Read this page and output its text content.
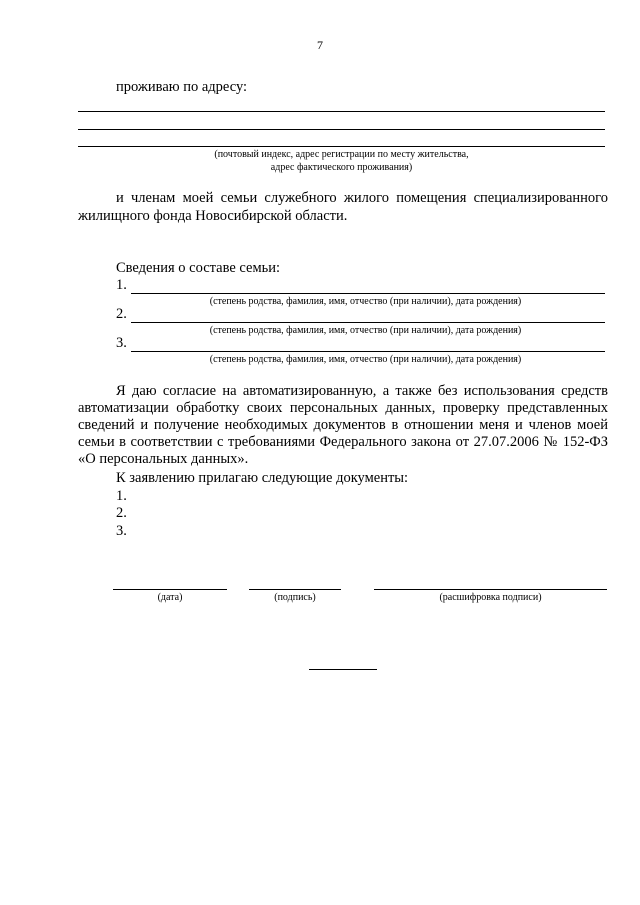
7
проживаю по адресу:
(почтовый индекс, адрес регистрации по месту жительства,
адрес фактического проживания)
и членам моей семьи служебного жилого помещения специализированного
жилищного фонда Новосибирской области.
Сведения о составе семьи:
1.
(степень родства, фамилия, имя, отчество (при наличии), дата рождения)
2.
(степень родства, фамилия, имя, отчество (при наличии), дата рождения)
3.
(степень родства, фамилия, имя, отчество (при наличии), дата рождения)
Я даю согласие на автоматизированную, а также без использования средств
автоматизации обработку своих персональных данных, проверку представленных
сведений и получение необходимых документов в отношении меня и членов моей
семьи в соответствии с требованиями Федерального закона от 27.07.2006 № 152-ФЗ
«О персональных данных».
К заявлению прилагаю следующие документы:
1.
2.
3.
(дата)	(подпись)	(расшифровка подписи)
